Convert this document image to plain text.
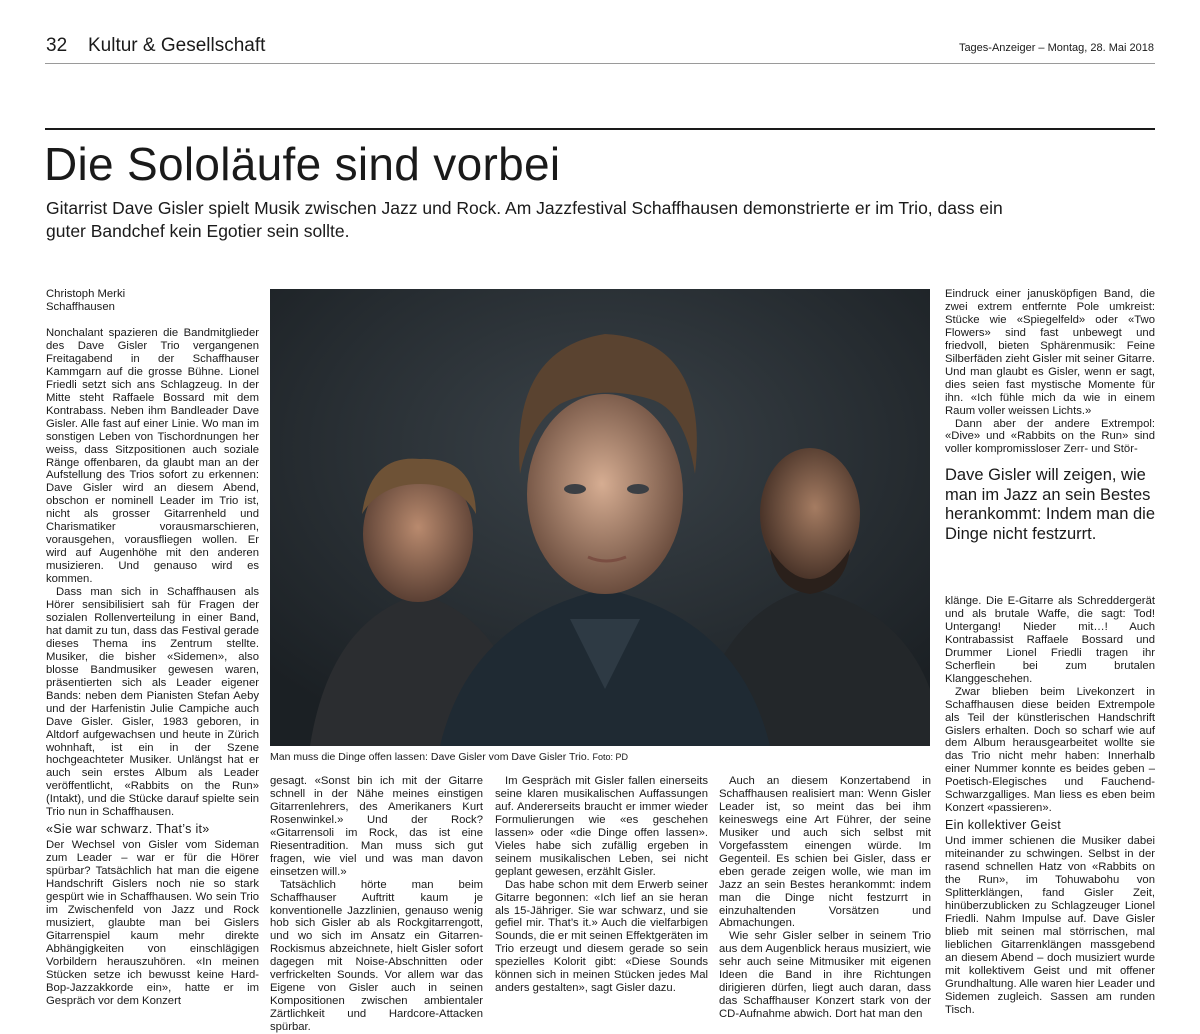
32 Kultur & Gesellschaft	Tages-Anzeiger – Montag, 28. Mai 2018
Die Sololäufe sind vorbei
Gitarrist Dave Gisler spielt Musik zwischen Jazz und Rock. Am Jazzfestival Schaffhausen demonstrierte er im Trio, dass ein guter Bandchef kein Egotier sein sollte.
Christoph Merki
Schaffhausen

Nonchalant spazieren die Bandmitglieder des Dave Gisler Trio vergangenen Freitagabend in der Schaffhauser Kammgarn auf die grosse Bühne. Lionel Friedli setzt sich ans Schlagzeug. In der Mitte steht Raffaele Bossard mit dem Kontrabass. Neben ihm Bandleader Dave Gisler. Alle fast auf einer Linie. Wo man im sonstigen Leben von Tischordnungen her weiss, dass Sitzpositionen auch soziale Ränge offenbaren, da glaubt man an der Aufstellung des Trios sofort zu erkennen: Dave Gisler wird an diesem Abend, obschon er nominell Leader im Trio ist, nicht als grosser Gitarrenheld und Charismatiker vorausmarschieren, vorausgehen, vorausfliegen wollen. Er wird auf Augenhöhe mit den anderen musizieren. Und genauso wird es kommen.

Dass man sich in Schaffhausen als Hörer sensibilisiert sah für Fragen der sozialen Rollenverteilung in einer Band, hat damit zu tun, dass das Festival gerade dieses Thema ins Zentrum stellte. Musiker, die bisher «Sidemen», also blosse Bandmusiker gewesen waren, präsentierten sich als Leader eigener Bands: neben dem Pianisten Stefan Aeby und der Harfenistin Julie Campiche auch Dave Gisler. Gisler, 1983 geboren, in Altdorf aufgewachsen und heute in Zürich wohnhaft, ist ein in der Szene hochgeachteter Musiker. Unlängst hat er auch sein erstes Album als Leader veröffentlicht, «Rabbits on the Run» (Intakt), und die Stücke darauf spielte sein Trio nun in Schaffhausen.

«Sie war schwarz. That’s it»

Der Wechsel von Gisler vom Sideman zum Leader – war er für die Hörer spürbar? Tatsächlich hat man die eigene Handschrift Gislers noch nie so stark gespürt wie in Schaffhausen. Wo sein Trio im Zwischenfeld von Jazz und Rock musiziert, glaubte man bei Gislers Gitarrenspiel kaum mehr direkte Abhängigkeiten von einschlägigen Vorbildern herauszuhören. «In meinen Stücken setze ich bewusst keine Hard-Bop-Jazzakkorde ein», hatte er im Gespräch vor dem Konzert

Man muss die Dinge offen lassen: Dave Gisler vom Dave Gisler Trio. Foto: PD

gesagt. «Sonst bin ich mit der Gitarre schnell in der Nähe meines einstigen Gitarrenlehrers, des Amerikaners Kurt Rosenwinkel.» Und der Rock? «Gitarrensoli im Rock, das ist eine Riesentradition. Man muss sich gut fragen, wie viel und was man davon einsetzen will.»

Tatsächlich hörte man beim Schaffhauser Auftritt kaum je konventionelle Jazzlinien, genauso wenig hob sich Gisler ab als Rockgitarrengott, und wo sich im Ansatz ein Gitarren-Rockismus abzeichnete, hielt Gisler sofort dagegen mit Noise-Abschnitten oder verfrickelten Sounds. Vor allem war das Eigene von Gisler auch in seinen Kompositionen zwischen ambientaler Zärtlichkeit und Hardcore-Attacken spürbar.

Im Gespräch mit Gisler fallen einerseits seine klaren musikalischen Auffassungen auf. Andererseits braucht er immer wieder Formulierungen wie «es geschehen lassen» oder «die Dinge offen lassen». Vieles habe sich zufällig ergeben in seinem musikalischen Leben, sei nicht geplant gewesen, erzählt Gisler.

Das habe schon mit dem Erwerb seiner Gitarre begonnen: «Ich lief an sie heran als 15-Jähriger. Sie war schwarz, und sie gefiel mir. That’s it.» Auch die vielfarbigen Sounds, die er mit seinen Effektgeräten im Trio erzeugt und diesem gerade so sein spezielles Kolorit gibt: «Diese Sounds können sich in meinen Stücken jedes Mal anders gestalten», sagt Gisler dazu.

Auch an diesem Konzertabend in Schaffhausen realisiert man: Wenn Gisler Leader ist, so meint das bei ihm keineswegs eine Art Führer, der seine Musiker und auch sich selbst mit Vorgefasstem einengen würde. Im Gegenteil. Es schien bei Gisler, dass er eben gerade zeigen wolle, wie man im Jazz an sein Bestes herankommt: indem man die Dinge nicht festzurrt in einzuhaltenden Vorsätzen und Abmachungen.

Wie sehr Gisler selber in seinem Trio aus dem Augenblick heraus musiziert, wie sehr auch seine Mitmusiker mit eigenen Ideen die Band in ihre Richtungen dirigieren dürfen, liegt auch daran, dass das Schaffhauser Konzert stark von der CD-Aufnahme abwich. Dort hat man den

Eindruck einer janusköpfigen Band, die zwei extrem entfernte Pole umkreist: Stücke wie «Spiegelfeld» oder «Two Flowers» sind fast unbewegt und friedvoll, bieten Sphärenmusik: Feine Silberfäden zieht Gisler mit seiner Gitarre. Und man glaubt es Gisler, wenn er sagt, dies seien fast mystische Momente für ihn. «Ich fühle mich da wie in einem Raum voller weissen Lichts.»

Dann aber der andere Extrempol: «Dive» und «Rabbits on the Run» sind voller kompromissloser Zerr- und Stör-

Dave Gisler will zeigen, wie man im Jazz an sein Bestes herankommt: Indem man die Dinge nicht festzurrt.

klänge. Die E-Gitarre als Schreddergerät und als brutale Waffe, die sagt: Tod! Untergang! Nieder mit…! Auch Kontrabassist Raffaele Bossard und Drummer Lionel Friedli tragen ihr Scherflein bei zum brutalen Klanggeschehen.

Zwar blieben beim Livekonzert in Schaffhausen diese beiden Extrempole als Teil der künstlerischen Handschrift Gislers erhalten. Doch so scharf wie auf dem Album herausgearbeitet wollte sie das Trio nicht mehr haben: Innerhalb einer Nummer konnte es beides geben – Poetisch-Elegisches und Fauchend-Schwarzgalliges. Man liess es eben beim Konzert «passieren».

Ein kollektiver Geist

Und immer schienen die Musiker dabei miteinander zu schwingen. Selbst in der rasend schnellen Hatz von «Rabbits on the Run», im Tohuwabohu von Splitterklängen, fand Gisler Zeit, hinüberzublicken zu Schlagzeuger Lionel Friedli. Nahm Impulse auf. Dave Gisler blieb mit seinen mal störrischen, mal lieblichen Gitarrenklängen massgebend an diesem Abend – doch musiziert wurde mit kollektivem Geist und mit offener Grundhaltung. Alle waren hier Leader und Sidemen zugleich. Sassen am runden Tisch.
